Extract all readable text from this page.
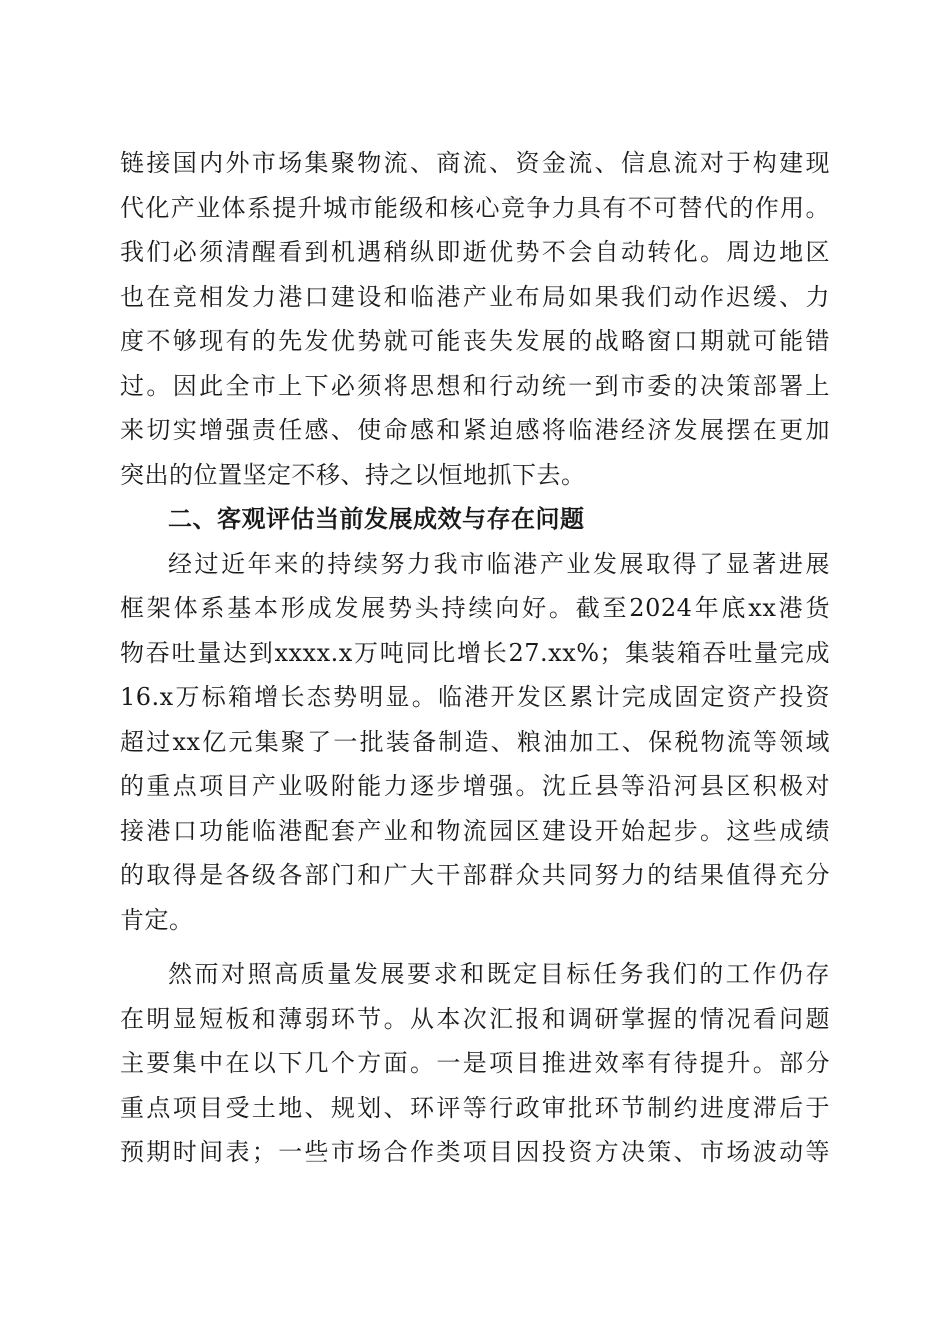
链接国内外市场集聚物流、商流、资金流、信息流对于构建现
代化产业体系提升城市能级和核心竞争力具有不可替代的作用。
我们必须清醒看到机遇稍纵即逝优势不会自动转化。周边地区
也在竞相发力港口建设和临港产业布局如果我们动作迟缓、力
度不够现有的先发优势就可能丧失发展的战略窗口期就可能错
过。因此全市上下必须将思想和行动统一到市委的决策部署上
来切实增强责任感、使命感和紧迫感将临港经济发展摆在更加
突出的位置坚定不移、持之以恒地抓下去。
二、客观评估当前发展成效与存在问题
经过近年来的持续努力我市临港产业发展取得了显著进展
框架体系基本形成发展势头持续向好。截至2024年底xx港货
物吞吐量达到xxxx.x万吨同比增长27.xx%；集装箱吞吐量完成
16.x万标箱增长态势明显。临港开发区累计完成固定资产投资
超过xx亿元集聚了一批装备制造、粮油加工、保税物流等领域
的重点项目产业吸附能力逐步增强。沈丘县等沿河县区积极对
接港口功能临港配套产业和物流园区建设开始起步。这些成绩
的取得是各级各部门和广大干部群众共同努力的结果值得充分
肯定。
然而对照高质量发展要求和既定目标任务我们的工作仍存
在明显短板和薄弱环节。从本次汇报和调研掌握的情况看问题
主要集中在以下几个方面。一是项目推进效率有待提升。部分
重点项目受土地、规划、环评等行政审批环节制约进度滞后于
预期时间表；一些市场合作类项目因投资方决策、市场波动等
